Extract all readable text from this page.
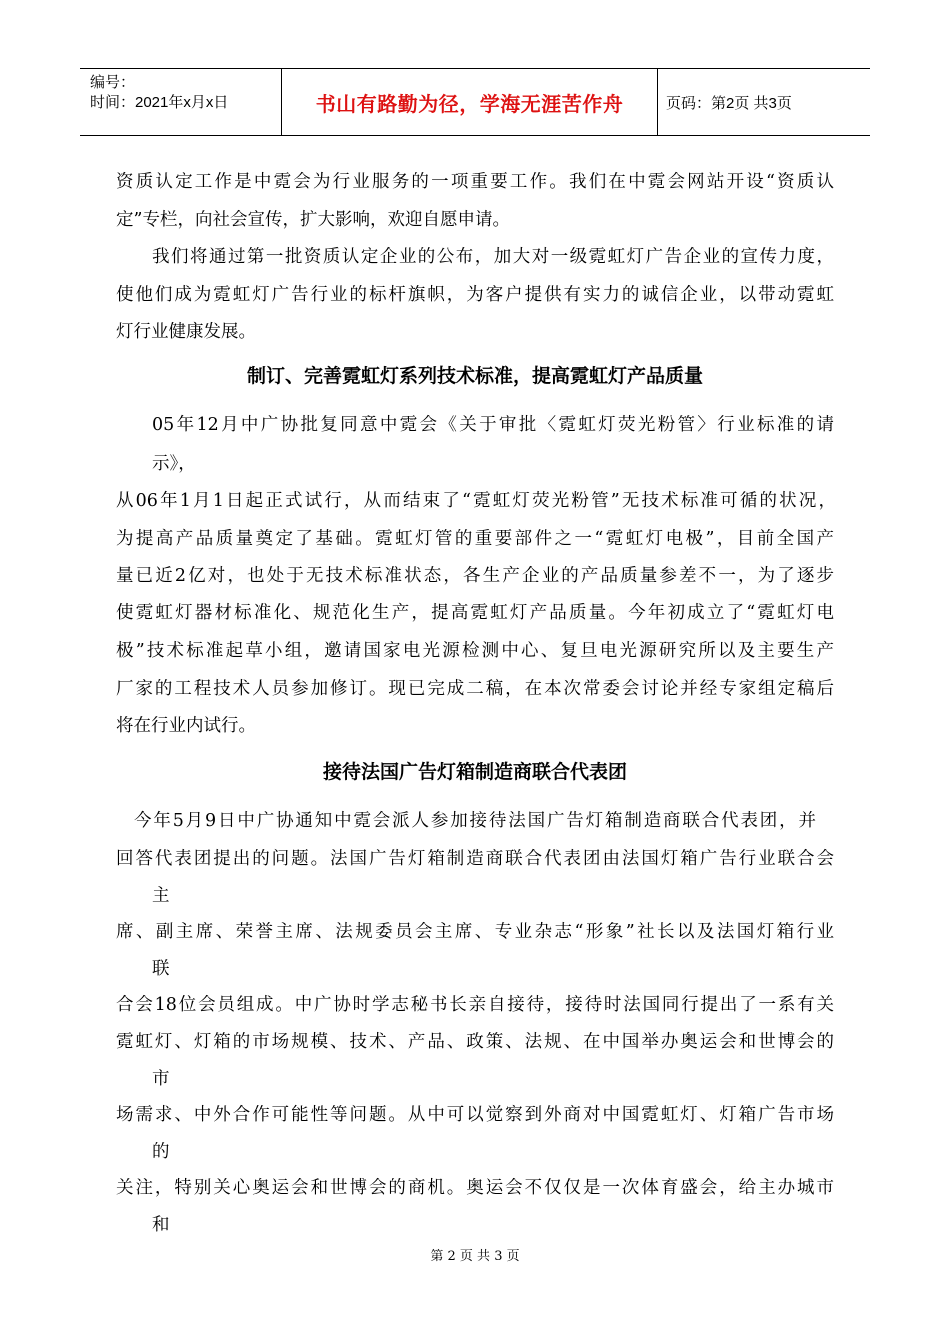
编号：
时间：2021年x月x日	书山有路勤为径，学海无涯苦作舟	页码：第2页 共3页
资质认定工作是中霓会为行业服务的一项重要工作。我们在中霓会网站开设“资质认
定”专栏，向社会宣传，扩大影响，欢迎自愿申请。
我们将通过第一批资质认定企业的公布，加大对一级霓虹灯广告企业的宣传力度，
使他们成为霓虹灯广告行业的标杆旗帜，为客户提供有实力的诚信企业，以带动霓虹
灯行业健康发展。
制订、完善霓虹灯系列技术标准，提高霓虹灯产品质量
05年12月中广协批复同意中霓会《关于审批〈霓虹灯荧光粉管〉行业标准的请
示》，
从06年1月1日起正式试行，从而结束了“霓虹灯荧光粉管”无技术标准可循的状况，
为提高产品质量奠定了基础。霓虹灯管的重要部件之一“霓虹灯电极”，目前全国产
量已近2亿对，也处于无技术标准状态，各生产企业的产品质量参差不一，为了逐步
使霓虹灯器材标准化、规范化生产，提高霓虹灯产品质量。今年初成立了“霓虹灯电
极”技术标准起草小组，邀请国家电光源检测中心、复旦电光源研究所以及主要生产
厂家的工程技术人员参加修订。现已完成二稿，在本次常委会讨论并经专家组定稿后
将在行业内试行。
接待法国广告灯箱制造商联合代表团
今年5月9日中广协通知中霓会派人参加接待法国广告灯箱制造商联合代表团，并
回答代表团提出的问题。法国广告灯箱制造商联合代表团由法国灯箱广告行业联合会
主
席、副主席、荣誉主席、法规委员会主席、专业杂志“形象”社长以及法国灯箱行业
联
合会18位会员组成。中广协时学志秘书长亲自接待，接待时法国同行提出了一系有关
霓虹灯、灯箱的市场规模、技术、产品、政策、法规、在中国举办奥运会和世博会的
市
场需求、中外合作可能性等问题。从中可以觉察到外商对中国霓虹灯、灯箱广告市场
的
关注，特别关心奥运会和世博会的商机。奥运会不仅仅是一次体育盛会，给主办城市
和
第 2 页 共 3 页
